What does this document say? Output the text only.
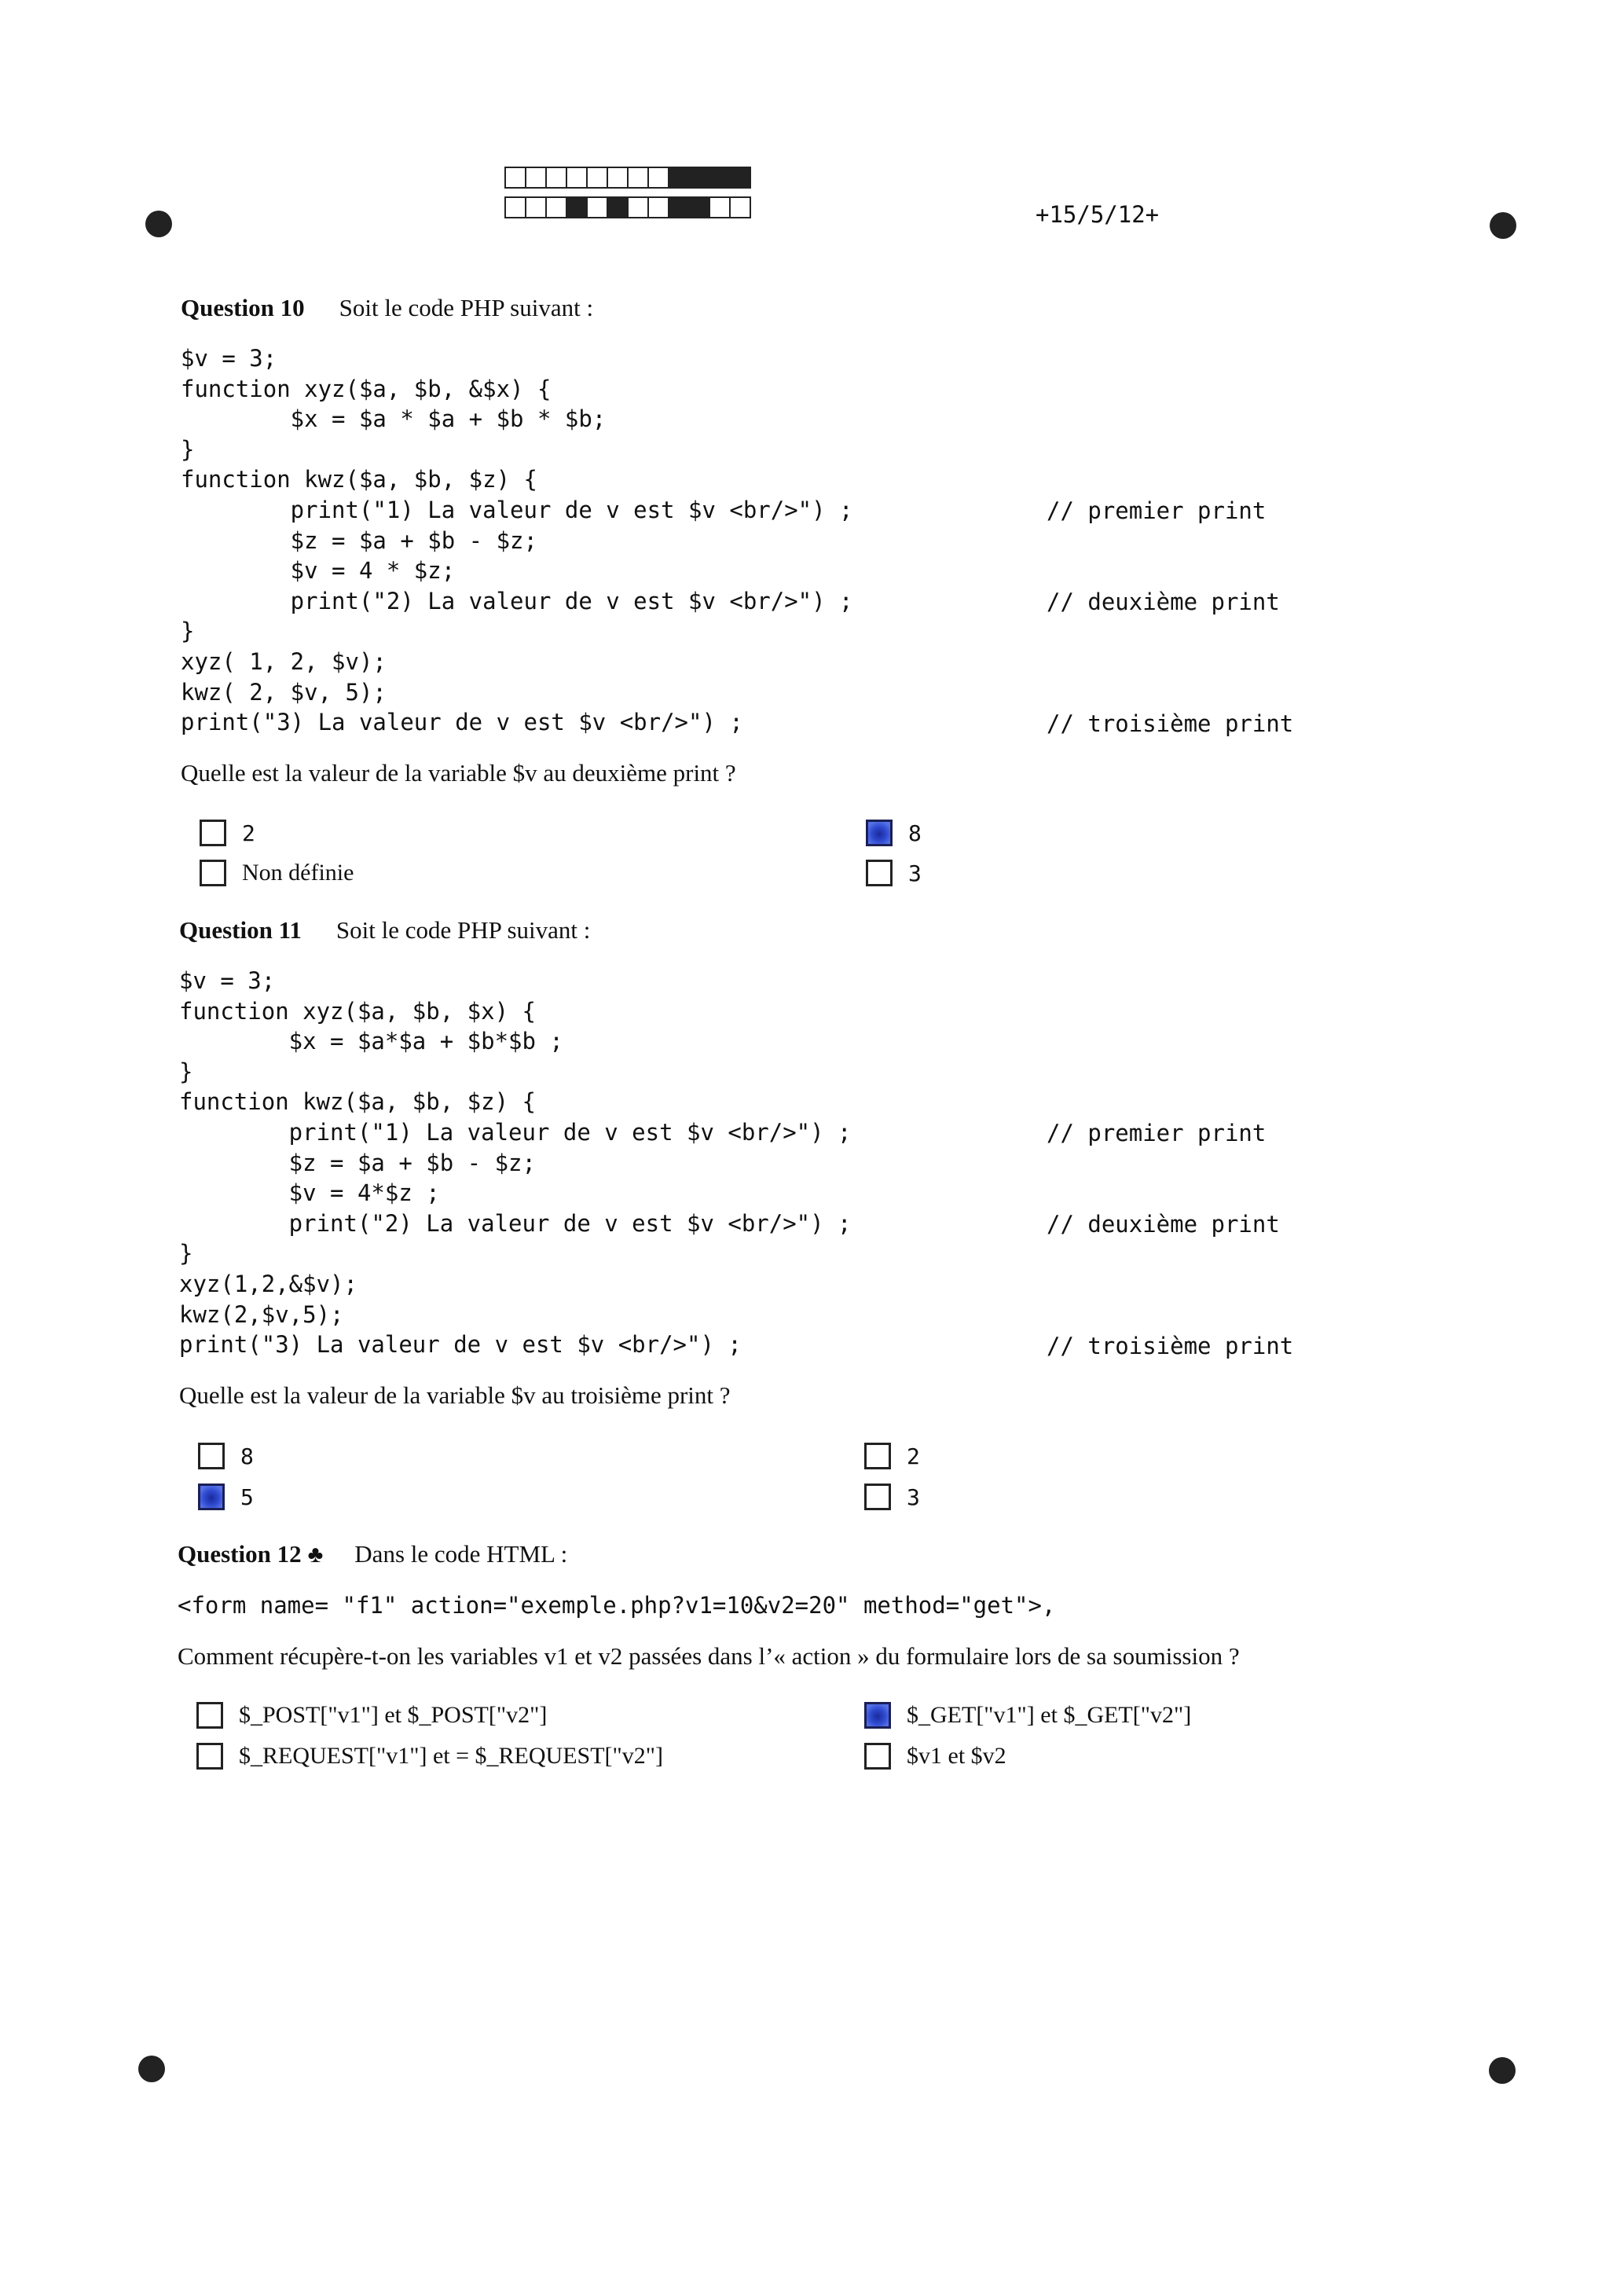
+15/5/12+
Question 10 Soit le code PHP suivant :
$v = 3;
function xyz($a, $b, &$x) {
$x = $a * $a + $b * $b;
}
function kwz($a, $b, $z) {
print("1) La valeur de v est $v <br/>") ;
$z = $a + $b - $z;
$v = 4 * $z;
print("2) La valeur de v est $v <br/>") ;
}
xyz( 1, 2, $v);
kwz( 2, $v, 5);
print("3) La valeur de v est $v <br/>") ;
// premier print
// deuxième print
// troisième print
Quelle est la valeur de la variable $v au deuxième print ?
2	8
Non définie	3
Question 11 Soit le code PHP suivant :
$v = 3;
function xyz($a, $b, $x) {
$x = $a*$a + $b*$b ;
}
function kwz($a, $b, $z) {
print("1) La valeur de v est $v <br/>") ;
$z = $a + $b - $z;
$v = 4*$z ;
print("2) La valeur de v est $v <br/>") ;
}
xyz(1,2,&$v);
kwz(2,$v,5);
print("3) La valeur de v est $v <br/>") ;
// premier print
// deuxième print
// troisième print
Quelle est la valeur de la variable $v au troisième print ?
8	2
5	3
Question 12 ♣ Dans le code HTML :
<form name= "f1" action="exemple.php?v1=10&v2=20" method="get">,
Comment récupère-t-on les variables v1 et v2 passées dans l’« action » du formulaire lors de sa soumission ?
$_POST["v1"] et $_POST["v2"]	$_GET["v1"] et $_GET["v2"]
$_REQUEST["v1"] et = $_REQUEST["v2"]	$v1 et $v2
